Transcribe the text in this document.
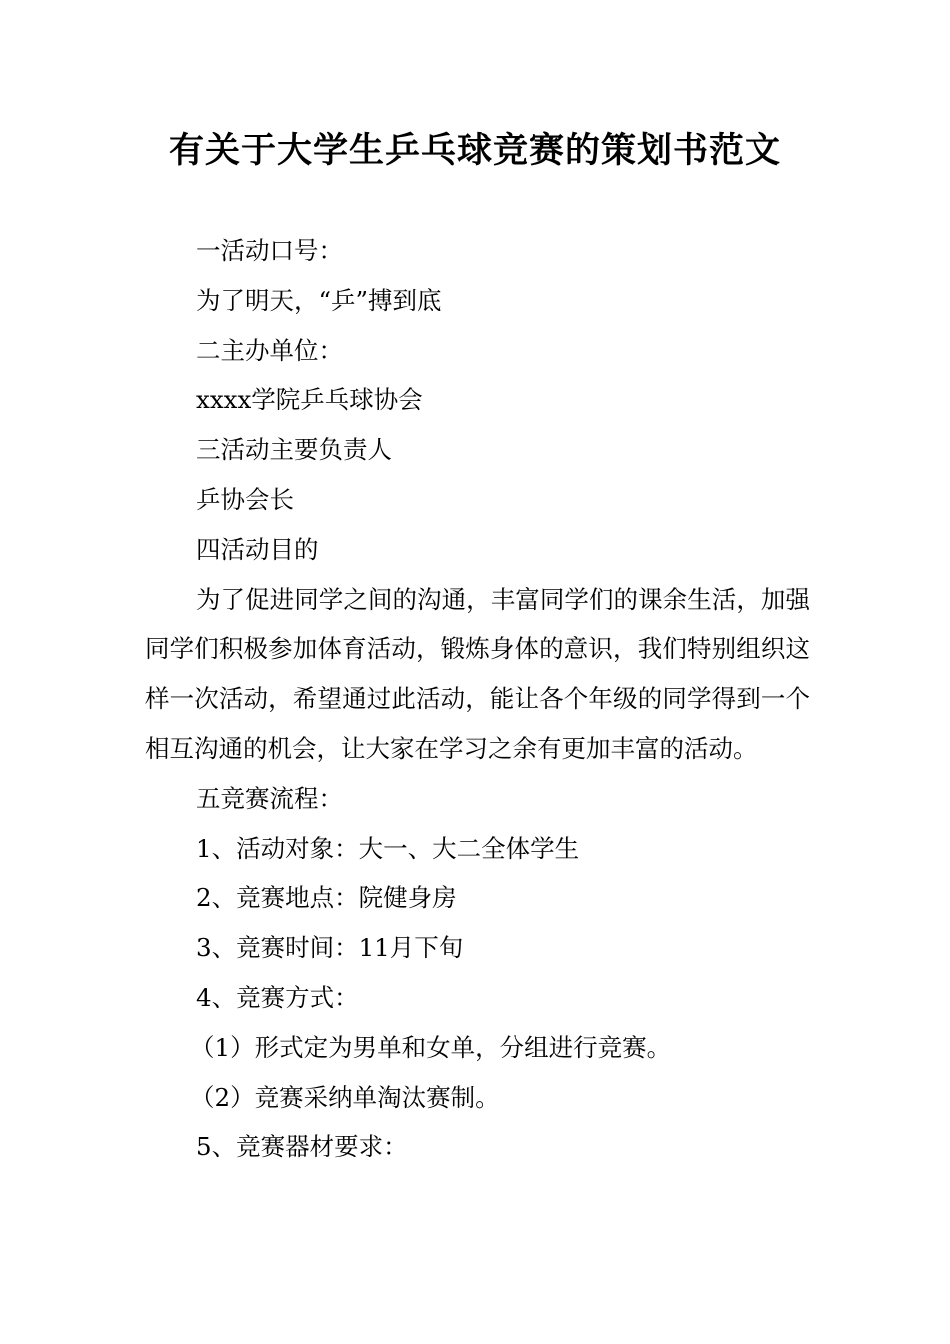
有关于大学生乒乓球竞赛的策划书范文

一活动口号：

为了明天，“乒”搏到底

二主办单位：

xxxx学院乒乓球协会

三活动主要负责人

乒协会长

四活动目的

为了促进同学之间的沟通，丰富同学们的课余生活，加强同学们积极参加体育活动，锻炼身体的意识，我们特别组织这样一次活动，希望通过此活动，能让各个年级的同学得到一个相互沟通的机会，让大家在学习之余有更加丰富的活动。

五竞赛流程：

1、活动对象：大一、大二全体学生

2、竞赛地点：院健身房

3、竞赛时间：11月下旬

4、竞赛方式：

（1）形式定为男单和女单，分组进行竞赛。

（2）竞赛采纳单淘汰赛制。

5、竞赛器材要求：
